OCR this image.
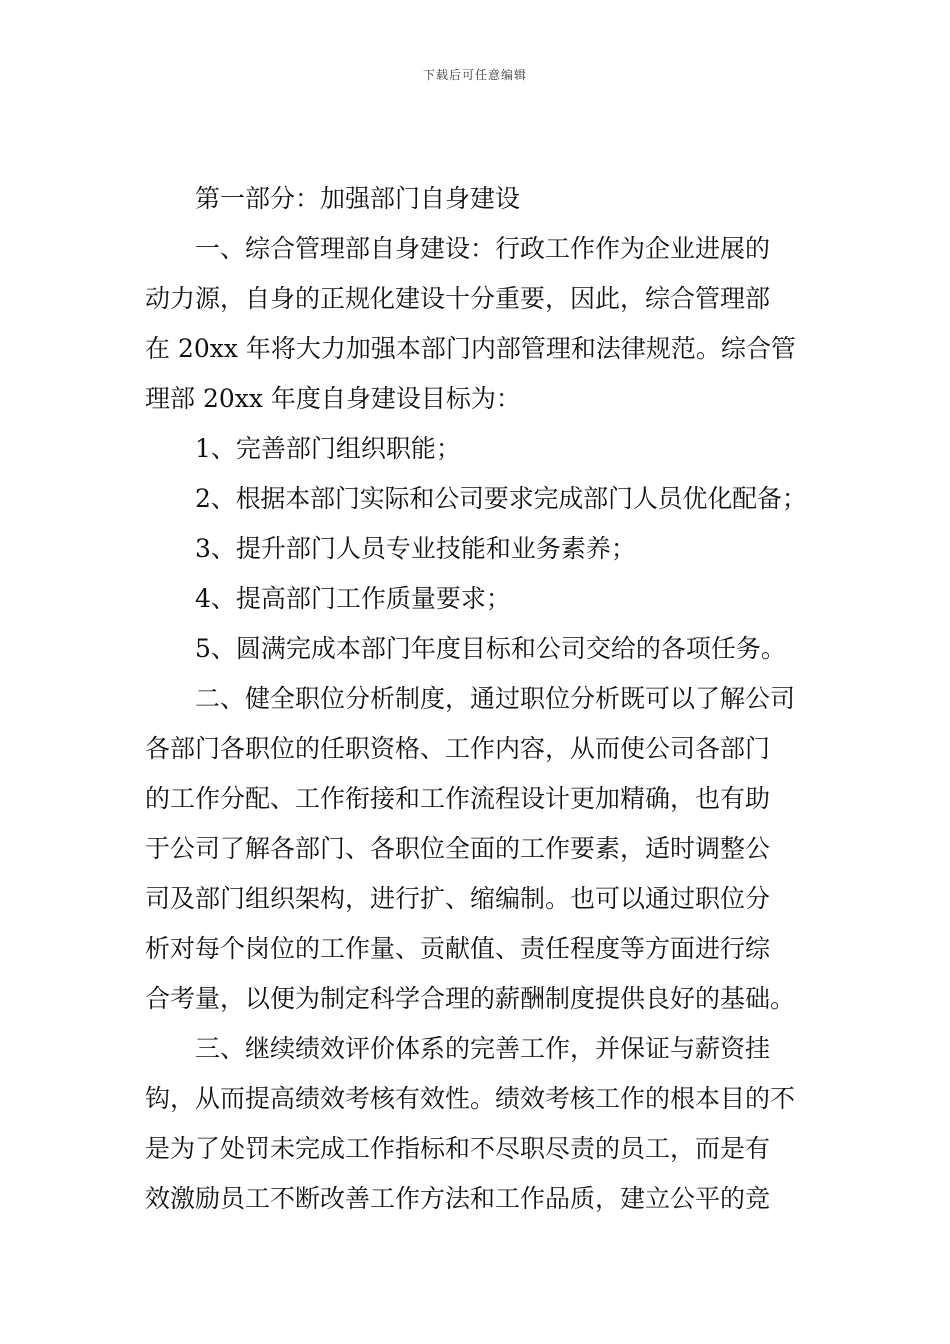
下载后可任意编辑
第一部分：加强部门自身建设
一、综合管理部自身建设：行政工作作为企业进展的
动力源，自身的正规化建设十分重要，因此，综合管理部
在 20xx 年将大力加强本部门内部管理和法律规范。综合管
理部 20xx 年度自身建设目标为：
1、完善部门组织职能；
2、根据本部门实际和公司要求完成部门人员优化配备；
3、提升部门人员专业技能和业务素养；
4、提高部门工作质量要求；
5、圆满完成本部门年度目标和公司交给的各项任务。
二、健全职位分析制度，通过职位分析既可以了解公司
各部门各职位的任职资格、工作内容，从而使公司各部门
的工作分配、工作衔接和工作流程设计更加精确，也有助
于公司了解各部门、各职位全面的工作要素，适时调整公
司及部门组织架构，进行扩、缩编制。也可以通过职位分
析对每个岗位的工作量、贡献值、责任程度等方面进行综
合考量，以便为制定科学合理的薪酬制度提供良好的基础。
三、继续绩效评价体系的完善工作，并保证与薪资挂
钩，从而提高绩效考核有效性。绩效考核工作的根本目的不
是为了处罚未完成工作指标和不尽职尽责的员工，而是有
效激励员工不断改善工作方法和工作品质，建立公平的竞
